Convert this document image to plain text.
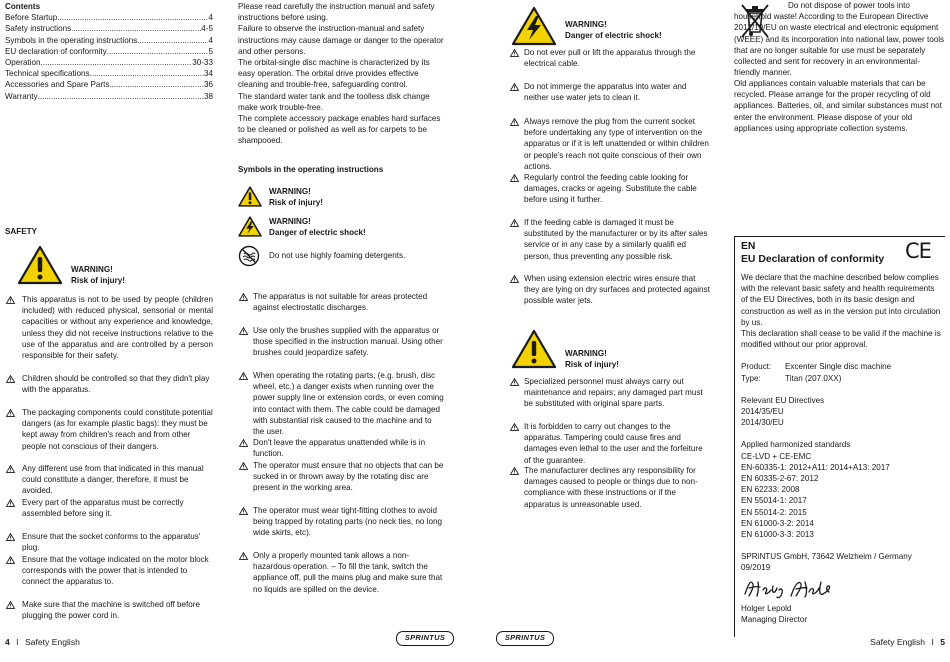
Contents

Before Startup .....	4
Safety instructions .....	4-5
Symbols in the operating instructions .....	4
EU declaration of conformity .....	5
Operation .....	30-33
Technical specifications .....	34
Accessories and Spare Parts .....	36
Warranty .....	38

SAFETY

WARNING!

Risk of injury!

This apparatus is not to be used by people (children included) with reduced physical, sensorial or mental capacities or without any experience and knowledge, unless they did not receive instructions relative to the use of the apparatus and are controlled by a person responsible for their safety.

Children should be controlled so that they didn't play with the apparatus.

The packaging components could constitute potential dangers (as for example plastic bags): they must be kept away from children's reach and from other people not conscious of their dangers.

Any different use from that indicated in this manual could constitute a danger, therefore, it must be avoided.

Every part of the apparatus must be correctly assembled before sing it.

Ensure that the socket conforms to the apparatus' plug.

Ensure that the voltage indicated on the motor block corresponds with the power that is intended to connect the apparatus to.

Make sure that the machine is switched off before plugging the power cord in.

4 I Safety English

Please read carefully the instruction manual and safety instructions before using.

Failure to observe the instruction-manual and safety instructions may cause damage or danger to the operator and other persons.

The orbital-single disc machine is characterized by its easy operation. The orbital drive provides effective cleaning and trouble-free, safeguarding control.

The standard water tank and the toolless disk change make work trouble-free.

The complete accessory package enables hard surfaces to be cleaned or polished as well as for carpets to be shampooed.

Symbols in the operating instructions

WARNING!

Risk of injury!

WARNING!

Danger of electric shock!

Do not use highly foaming detergents.

The apparatus is not suitable for areas protected against electrostatic discharges.

Use only the brushes supplied with the apparatus or those specified in the instruction manual. Using other brushes could jeopardize safety.

When operating the rotating parts, (e.g. brush, disc wheel, etc.) a danger exists when running over the power supply line or extension cords, or even coming into contact with them. The cable could be damaged with substantial risk caused to the machine and to the user.

Don't leave the apparatus unattended while is in function.

The operator must ensure that no objects that can be sucked in or thrown away by the rotating disc are present in the working area.

The operator must wear tight-fitting clothes to avoid being trapped by rotating parts (no neck ties, no long wide skirts, etc).

Only a properly mounted tank allows a non-hazardous operation. – To fill the tank, switch the appliance off, pull the mains plug and make sure that no liquids are spilled on the device.

SPRINTUS	SPRINTUS

WARNING!

Danger of electric shock!

Do not ever pull or lift the apparatus through the electrical cable.

Do not immerge the apparatus into water and neither use water jets to clean it.

Always remove the plug from the current socket before undertaking any type of intervention on the apparatus or if it is left unattended or within children or people's reach not quite conscious of their own actions.

Regularly control the feeding cable looking for damages, cracks or ageing. Substitute the cable before using it further.

If the feeding cable is damaged it must be substituted by the manufacturer or by its after sales service or in any case by a similarly qualifi ed person, thus preventing any possible risk.

When using extension electric wires ensure that they are lying on dry surfaces and protected against possible water jets.

WARNING!

Risk of injury!

Specialized personnel must always carry out maintenance and repairs; any damaged part must be substituted with original spare parts.

It is forbidden to carry out changes to the apparatus. Tampering could cause fires and damages even lethal to the user and the forfeiture of the guarantee.

The manufacturer declines any responsibility for damages caused to people or things due to non-compliance with these instructions or if the apparatus is unreasonable used.

Do not dispose of power tools into household waste! According to the European Directive 2012/19/EU on waste electrical and electronic equipment (WEEE) and its incorporation into national law, power tools that are no longer suitable for use must be separately collected and sent for recovery in an environmental- friendly manner.

Old appliances contain valuable materials that can be recycled. Please arrange for the proper recycling of old appliances. Batteries, oil, and similar substances must not enter the environment. Please dispose of your old appliances using appropriate collection systems.

EN

EU Declaration of conformity

We declare that the machine described below complies with the relevant basic safety and health requirements of the EU Directives, both in its basic design and construction as well as in the version put into circulation by us.

This declaration shall cease to be valid if the machine is modified without our prior approval.

Product:	Excenter Single disc machine
Type:	Titan (207.0XX)

Relevant EU Directives

2014/35/EU

2014/30/EU

Applied harmonized standards

CE-LVD + CE-EMC

EN-60335-1: 2012+A11: 2014+A13: 2017

EN 60335-2-67: 2012

EN 62233: 2008

EN 55014-1: 2017

EN 55014-2: 2015

EN 61000-3-2: 2014

EN 61000-3-3: 2013

SPRiNTUS GmbH, 73642 Welzheim / Germany

09/2019

Holger Lepold

Managing Director

CE
Safety English I 5
